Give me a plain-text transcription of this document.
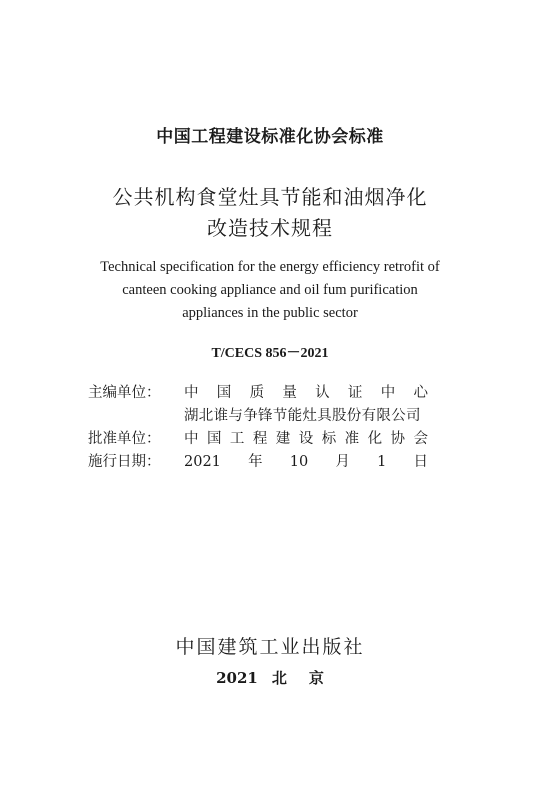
中国工程建设标准化协会标准
公共机构食堂灶具节能和油烟净化
改造技术规程
Technical specification for the energy efficiency retrofit of
canteen cooking appliance and oil fum purification
appliances in the public sector
T/CECS 856－2021
主编单位：	中国质量认证中心
湖北谁与争锋节能灶具股份有限公司
批准单位：	中国工程建设标准化协会
施行日期：	2021年10月1日
中国建筑工业出版社
2021 北 京
